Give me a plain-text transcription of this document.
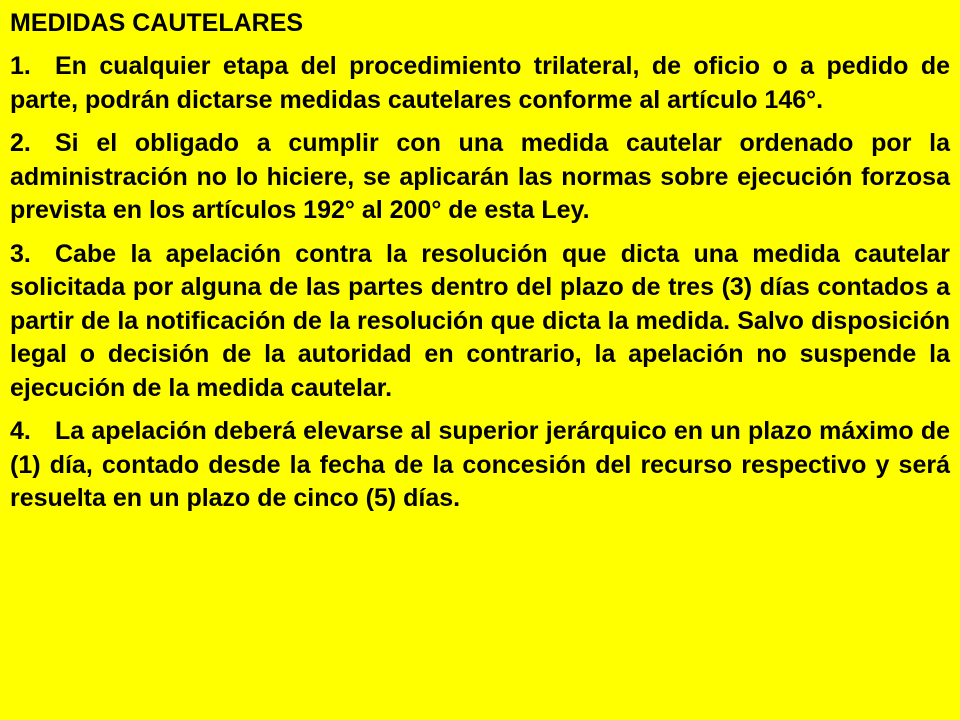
MEDIDAS CAUTELARES

1. En cualquier etapa del procedimiento trilateral, de oficio o a pedido de parte, podrán dictarse medidas cautelares conforme al artículo 146°.

2. Si el obligado a cumplir con una medida cautelar ordenado por la administración no lo hiciere, se aplicarán las normas sobre ejecución forzosa prevista en los artículos 192° al 200° de esta Ley.

3. Cabe la apelación contra la resolución que dicta una medida cautelar solicitada por alguna de las partes dentro del plazo de tres (3) días contados a partir de la notificación de la resolución que dicta la medida. Salvo disposición legal o decisión de la autoridad en contrario, la apelación no suspende la ejecución de la medida cautelar.

4. La apelación deberá elevarse al superior jerárquico en un plazo máximo de (1) día, contado desde la fecha de la concesión del recurso respectivo y será resuelta en un plazo de cinco (5) días.
